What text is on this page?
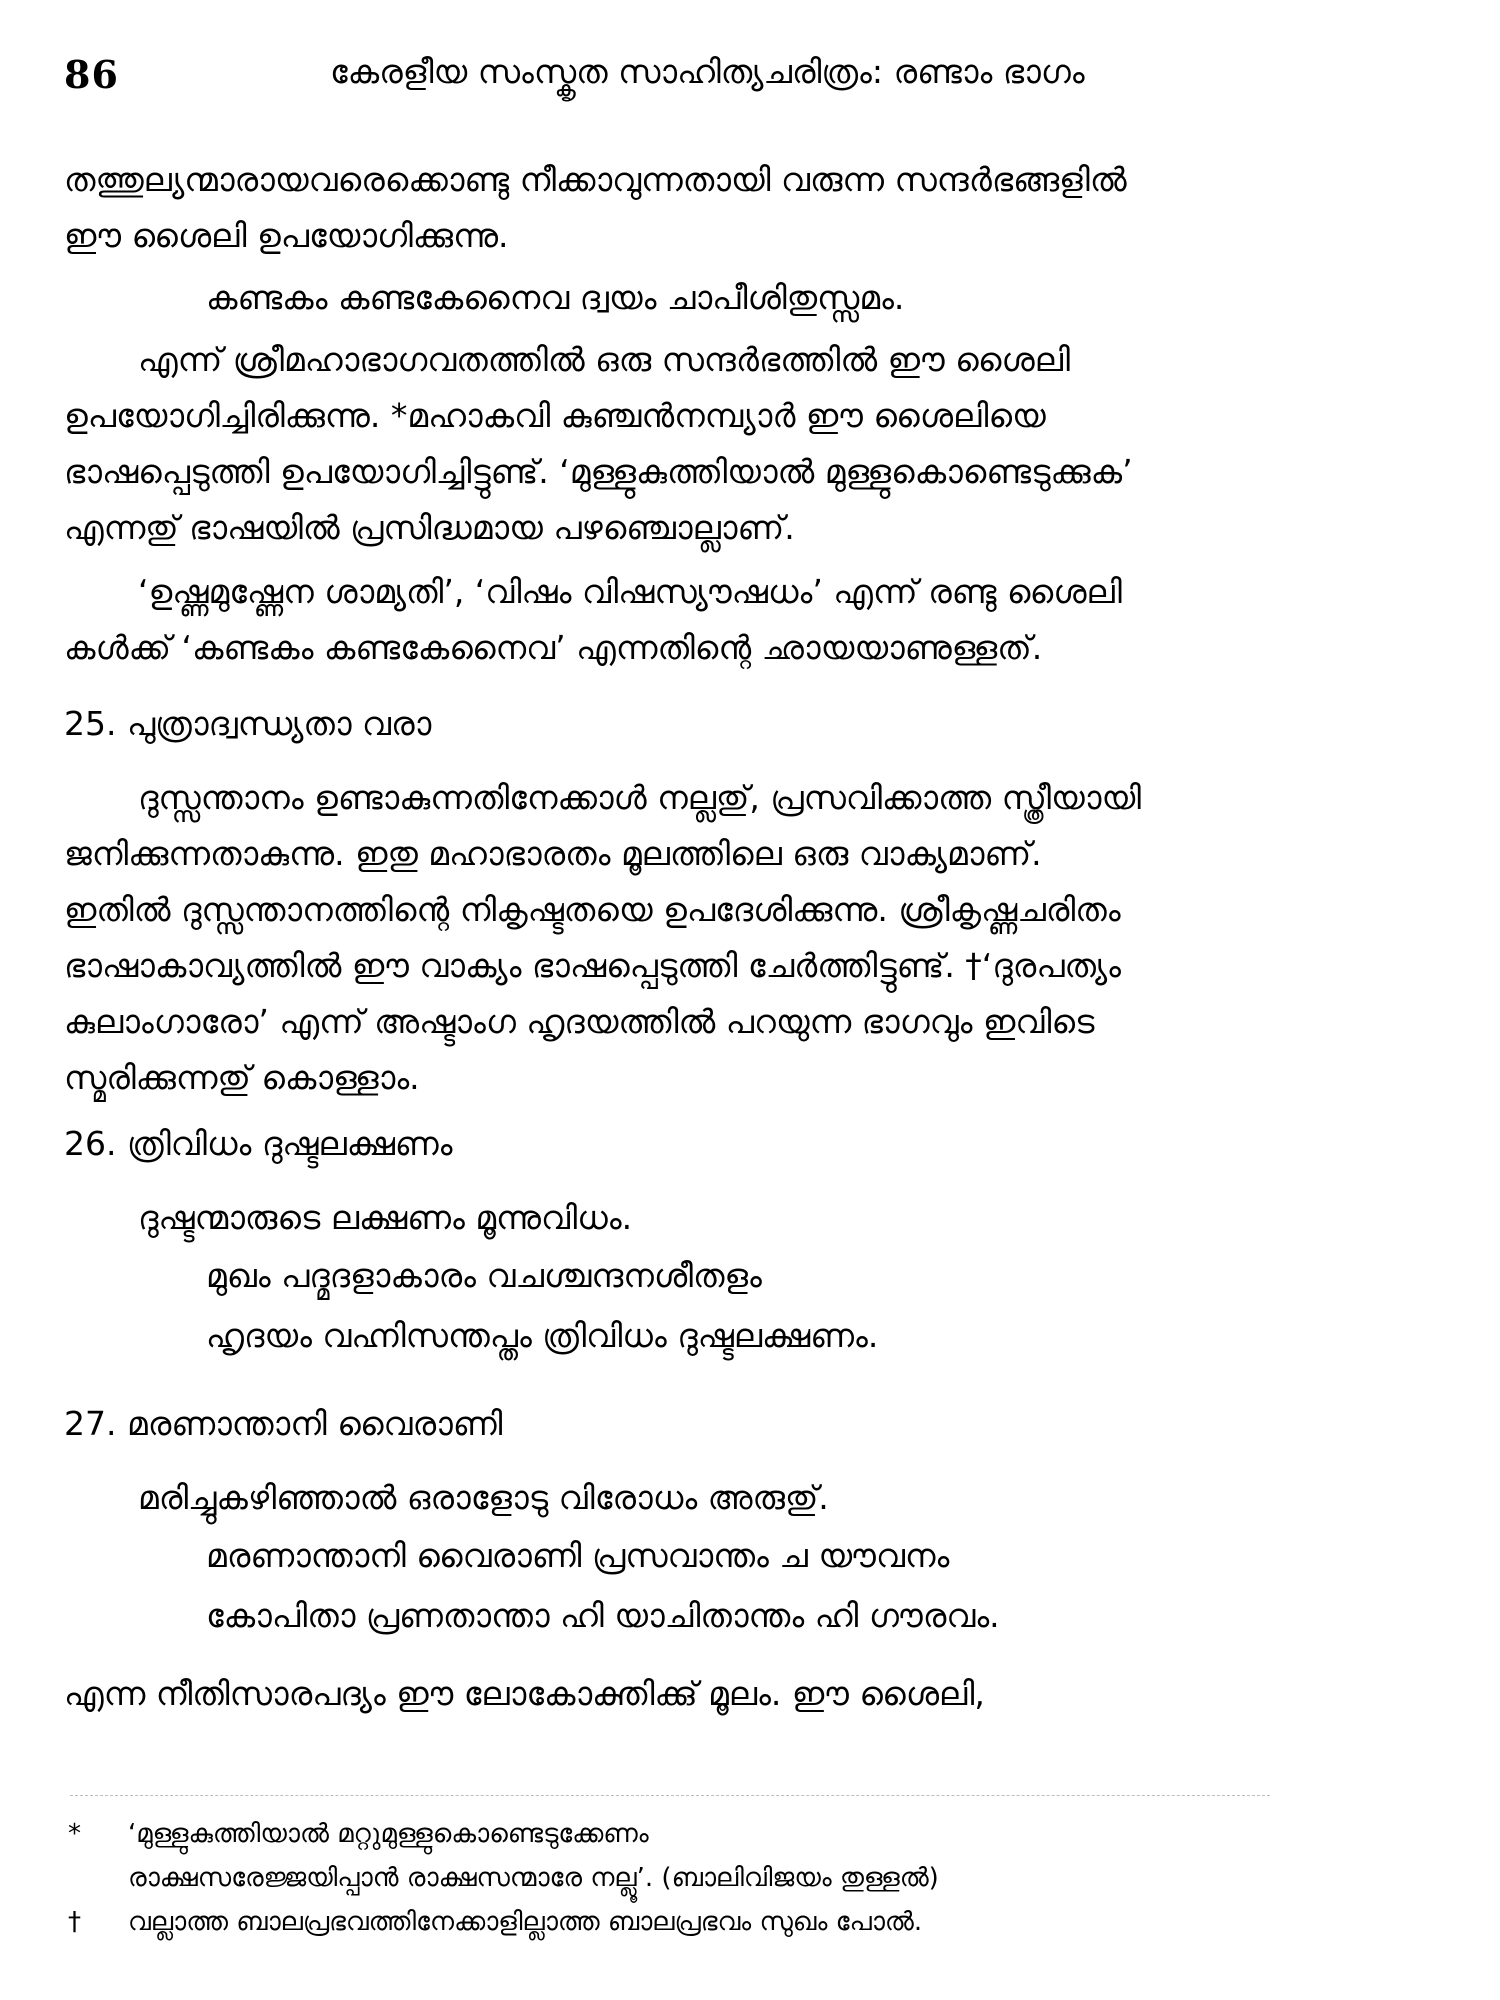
86	കേരളീയ സംസ്കൃത സാഹിത്യചരിത്രം: രണ്ടാം ഭാഗം
തത്തുല്യന്മാരായവരെക്കൊണ്ടു നീക്കാവുന്നതായി വരുന്ന സന്ദർഭങ്ങളിൽ
ഈ ശൈലി ഉപയോഗിക്കുന്നു.
കണ്ടകം കണ്ടകേനൈവ ദ്വയം ചാപീശിതുസ്സമം.
എന്ന് ശ്രീമഹാഭാഗവതത്തിൽ ഒരു സന്ദർഭത്തിൽ ഈ ശൈലി
ഉപയോഗിച്ചിരിക്കുന്നു. *മഹാകവി കുഞ്ചൻനമ്പ്യാർ ഈ ശൈലിയെ
ഭാഷപ്പെടുത്തി ഉപയോഗിച്ചിട്ടുണ്ട്. ‘മുള്ളുകുത്തിയാൽ മുള്ളുകൊണ്ടെടുക്കുക’
എന്നതു് ഭാഷയിൽ പ്രസിദ്ധമായ പഴഞ്ചൊല്ലാണ്.
‘ഉഷ്ണമുഷ്ണേന ശാമ്യതി’, ‘വിഷം വിഷസ്യൗഷധം’ എന്ന് രണ്ടു ശൈലി
കൾക്ക് ‘കണ്ടകം കണ്ടകേനൈവ’ എന്നതിന്റെ ഛായയാണുള്ളത്.
25. പുത്രാദ്വന്ധ്യതാ വരാ
ദുസ്സന്താനം ഉണ്ടാകുന്നതിനേക്കാൾ നല്ലതു്, പ്രസവിക്കാത്ത സ്ത്രീയായി
ജനിക്കുന്നതാകുന്നു. ഇതു മഹാഭാരതം മൂലത്തിലെ ഒരു വാക്യമാണ്.
ഇതിൽ ദുസ്സന്താനത്തിന്റെ നികൃഷ്ടതയെ ഉപദേശിക്കുന്നു. ശ്രീകൃഷ്ണചരിതം
ഭാഷാകാവ്യത്തിൽ ഈ വാക്യം ഭാഷപ്പെടുത്തി ചേർത്തിട്ടുണ്ട്. †‘ദുരപത്യം
കുലാംഗാരോ’ എന്ന് അഷ്ടാംഗ ഹൃദയത്തിൽ പറയുന്ന ഭാഗവും ഇവിടെ
സ്മരിക്കുന്നതു് കൊള്ളാം.
26. ത്രിവിധം ദുഷ്ടലക്ഷണം
ദുഷ്ടന്മാരുടെ ലക്ഷണം മൂന്നുവിധം.
മുഖം പദ്മദളാകാരം വചശ്ചന്ദനശീതളം
ഹൃദയം വഹ്നിസന്തപ്തം ത്രിവിധം ദുഷ്ടലക്ഷണം.
27. മരണാന്താനി വൈരാണി
മരിച്ചുകഴിഞ്ഞാൽ ഒരാളോടു വിരോധം അരുതു്.
മരണാന്താനി വൈരാണി പ്രസവാന്തം ച യൗവനം
കോപിതാ പ്രണതാന്താ ഹി യാചിതാന്തം ഹി ഗൗരവം.
എന്ന നീതിസാരപദ്യം ഈ ലോകോക്തിക്കു് മൂലം. ഈ ശൈലി,
*	‘മുള്ളുകുത്തിയാൽ മറ്റുമുള്ളുകൊണ്ടെടുക്കേണം
രാക്ഷസരേജ്ജയിപ്പാൻ രാക്ഷസന്മാരേ നല്ലൂ’. (ബാലിവിജയം തുള്ളൽ)
†	വല്ലാത്ത ബാലപ്രഭവത്തിനേക്കാളില്ലാത്ത ബാലപ്രഭവം സുഖം പോൽ.
